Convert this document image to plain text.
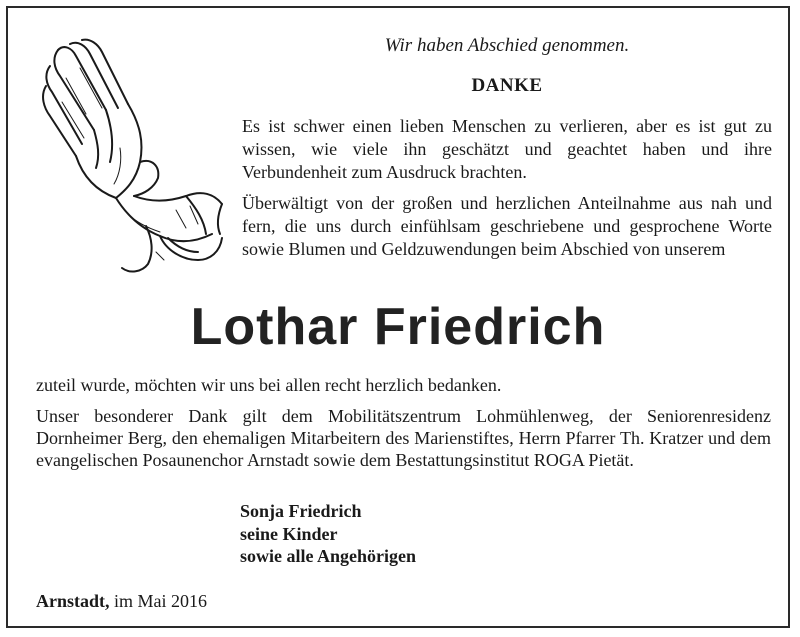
Wir haben Abschied genommen.

DANKE

Es ist schwer einen lieben Menschen zu verlieren, aber es ist gut zu wissen, wie viele ihn geschätzt und geachtet haben und ihre Verbundenheit zum Ausdruck brachten.

Überwältigt von der großen und herzlichen Anteilnahme aus nah und fern, die uns durch einfühlsam geschriebene und gesprochene Worte sowie Blumen und Geldzuwendungen beim Abschied von unserem

Lothar Friedrich

zuteil wurde, möchten wir uns bei allen recht herzlich bedanken.

Unser besonderer Dank gilt dem Mobilitätszentrum Lohmühlenweg, der Seniorenresidenz Dornheimer Berg, den ehemaligen Mitarbeitern des Marienstiftes, Herrn Pfarrer Th. Kratzer und dem evangelischen Posaunenchor Arnstadt sowie dem Bestattungsinstitut ROGA Pietät.

Sonja Friedrich
seine Kinder
sowie alle Angehörigen
Arnstadt, im Mai 2016
